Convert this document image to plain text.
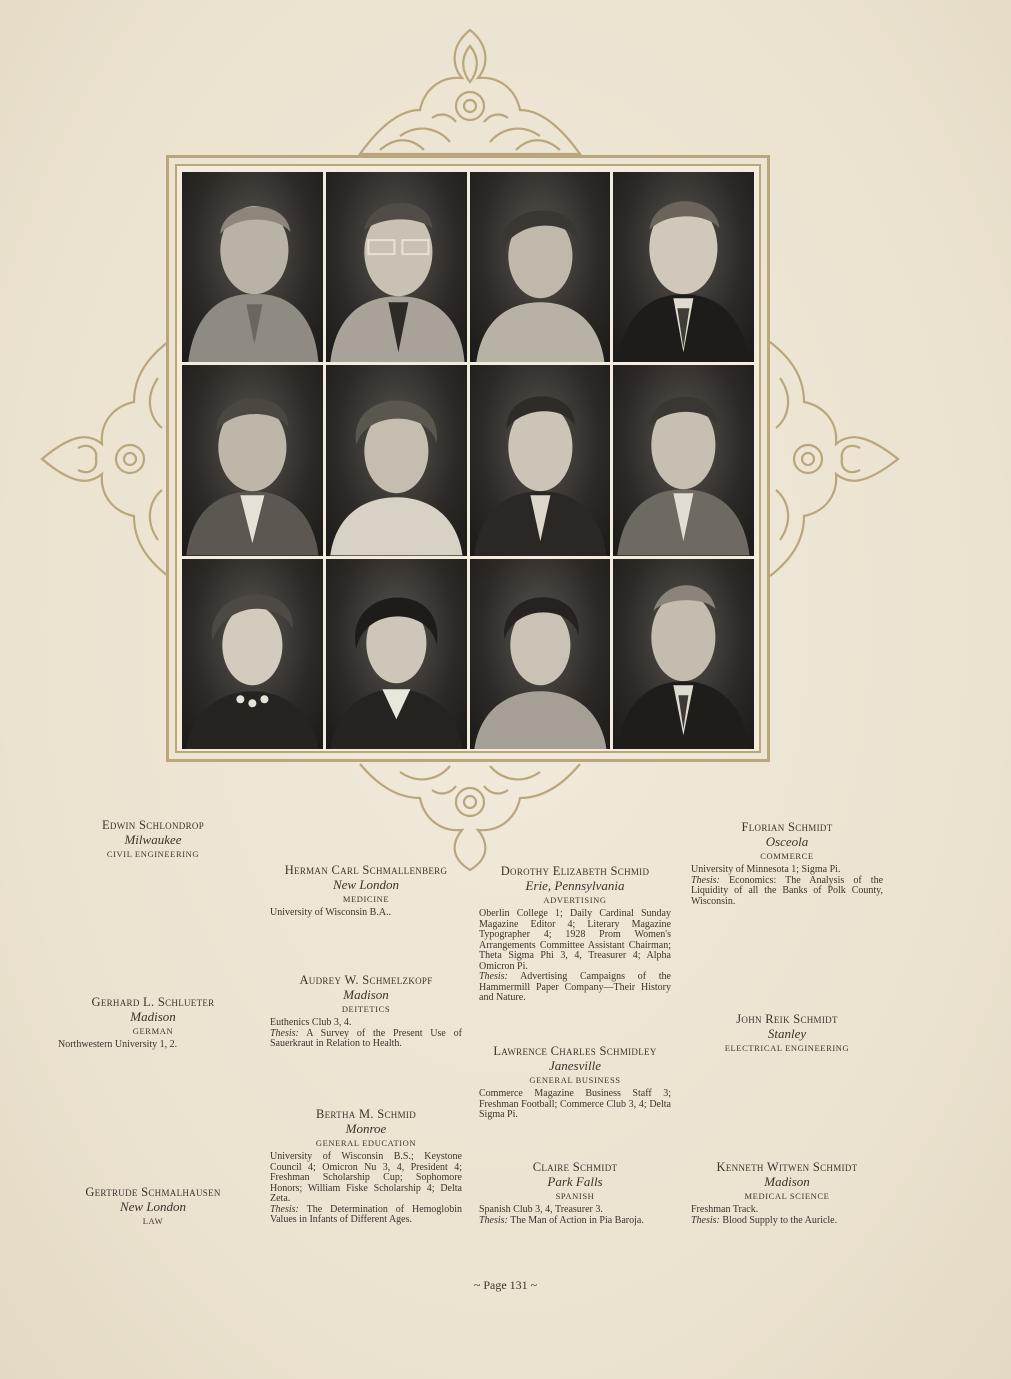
Edwin Schlondrop
Milwaukee
CIVIL ENGINEERING
Gerhard L. Schlueter
Madison
GERMAN
Northwestern University 1, 2.
Gertrude Schmalhausen
New London
LAW
Herman Carl Schmallenberg
New London
MEDICINE
University of Wisconsin B.A..
Audrey W. Schmelzkopf
Madison
DEITETICS
Euthenics Club 3, 4.
Thesis: A Survey of the Present Use of Sauerkraut in Relation to Health.
Bertha M. Schmid
Monroe
GENERAL EDUCATION
University of Wisconsin B.S.; Keystone Council 4; Omicron Nu 3, 4, President 4; Freshman Scholarship Cup; Sophomore Honors; William Fiske Scholarship 4; Delta Zeta.
Thesis: The Determination of Hemoglobin Values in Infants of Different Ages.
Dorothy Elizabeth Schmid
Erie, Pennsylvania
ADVERTISING
Oberlin College 1; Daily Cardinal Sunday Magazine Editor 4; Literary Magazine Typographer 4; 1928 Prom Women's Arrangements Committee Assistant Chairman; Theta Sigma Phi 3, 4, Treasurer 4; Alpha Omicron Pi.
Thesis: Advertising Campaigns of the Hammermill Paper Company—Their History and Nature.
Lawrence Charles Schmidley
Janesville
GENERAL BUSINESS
Commerce Magazine Business Staff 3; Freshman Football; Commerce Club 3, 4; Delta Sigma Pi.
Claire Schmidt
Park Falls
SPANISH
Spanish Club 3, 4, Treasurer 3.
Thesis: The Man of Action in Pia Baroja.
Florian Schmidt
Osceola
COMMERCE
University of Minnesota 1; Sigma Pi.
Thesis: Economics: The Analysis of the Liquidity of all the Banks of Polk County, Wisconsin.
John Reik Schmidt
Stanley
ELECTRICAL ENGINEERING
Kenneth Witwen Schmidt
Madison
MEDICAL SCIENCE
Freshman Track.
Thesis: Blood Supply to the Auricle.
~ Page 131 ~
